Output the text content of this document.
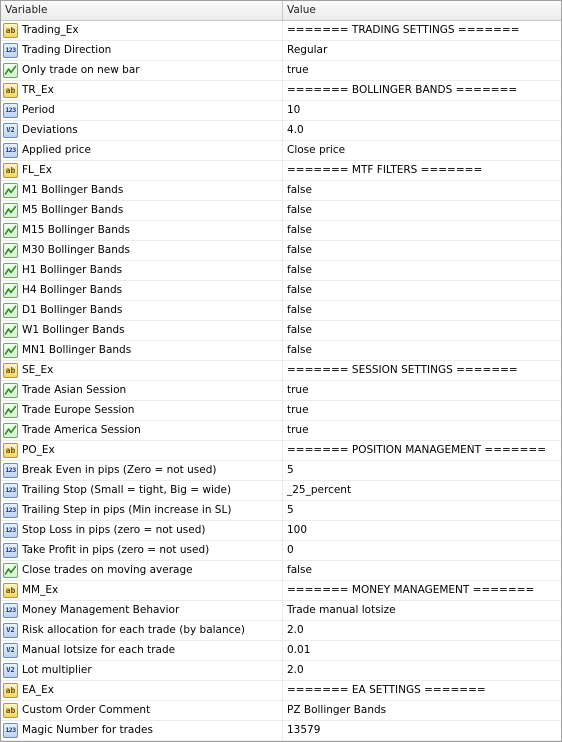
Variable	Value
ab Trading_Ex	======= TRADING SETTINGS =======
123 Trading Direction	Regular
Only trade on new bar	true
ab TR_Ex	======= BOLLINGER BANDS =======
123 Period	10
V2 Deviations	4.0
123 Applied price	Close price
ab FL_Ex	======= MTF FILTERS =======
M1 Bollinger Bands	false
M5 Bollinger Bands	false
M15 Bollinger Bands	false
M30 Bollinger Bands	false
H1 Bollinger Bands	false
H4 Bollinger Bands	false
D1 Bollinger Bands	false
W1 Bollinger Bands	false
MN1 Bollinger Bands	false
ab SE_Ex	======= SESSION SETTINGS =======
Trade Asian Session	true
Trade Europe Session	true
Trade America Session	true
ab PO_Ex	======= POSITION MANAGEMENT =======
123 Break Even in pips (Zero = not used)	5
123 Trailing Stop (Small = tight, Big = wide)	_25_percent
123 Trailing Step in pips (Min increase in SL)	5
123 Stop Loss in pips (zero = not used)	100
123 Take Profit in pips (zero = not used)	0
Close trades on moving average	false
ab MM_Ex	======= MONEY MANAGEMENT =======
123 Money Management Behavior	Trade manual lotsize
V2 Risk allocation for each trade (by balance)	2.0
V2 Manual lotsize for each trade	0.01
V2 Lot multiplier	2.0
ab EA_Ex	======= EA SETTINGS =======
ab Custom Order Comment	PZ Bollinger Bands
123 Magic Number for trades	13579
